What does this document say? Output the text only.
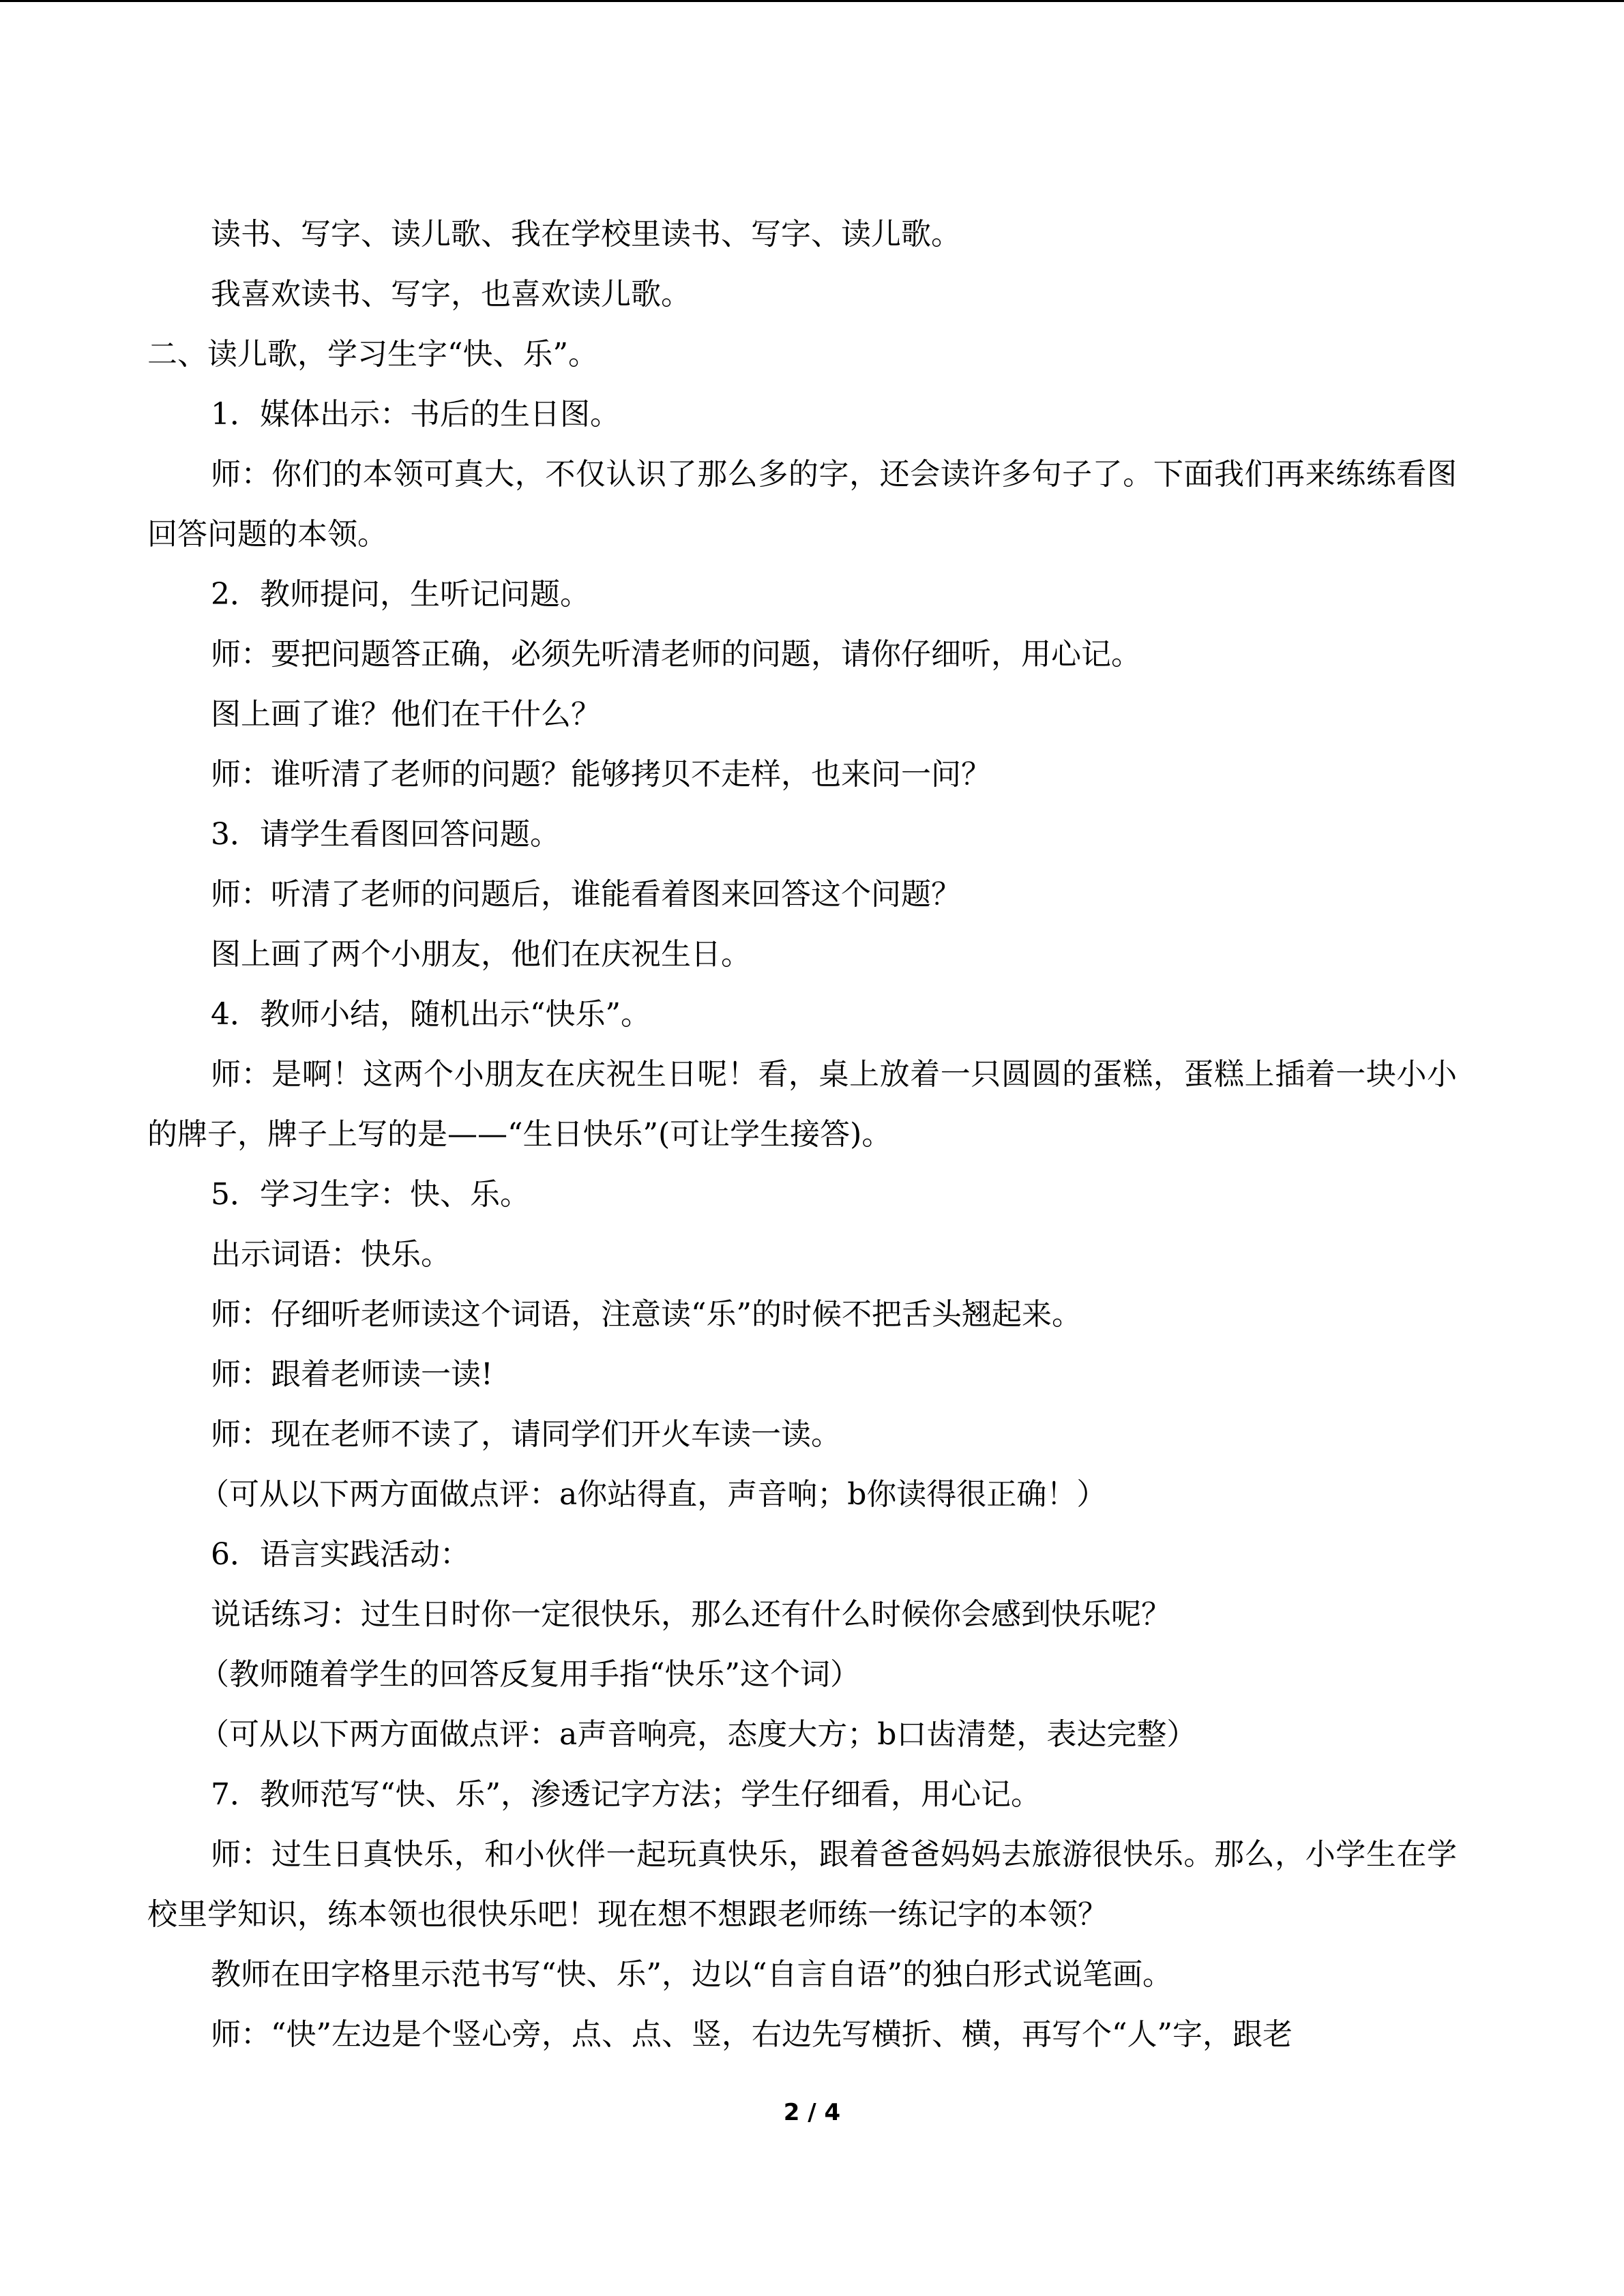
读书、写字、读儿歌、我在学校里读书、写字、读儿歌。

我喜欢读书、写字，也喜欢读儿歌。

二、读儿歌，学习生字“快、乐”。

1．媒体出示：书后的生日图。

师：你们的本领可真大，不仅认识了那么多的字，还会读许多句子了。下面我们再来练练看图回答问题的本领。

2．教师提问，生听记问题。

师：要把问题答正确，必须先听清老师的问题，请你仔细听，用心记。

图上画了谁？他们在干什么？

师：谁听清了老师的问题？能够拷贝不走样，也来问一问？

3．请学生看图回答问题。

师：听清了老师的问题后，谁能看着图来回答这个问题？

图上画了两个小朋友，他们在庆祝生日。

4．教师小结，随机出示“快乐”。

师：是啊！这两个小朋友在庆祝生日呢！看，桌上放着一只圆圆的蛋糕，蛋糕上插着一块小小的牌子，牌子上写的是——“生日快乐”(可让学生接答)。

5．学习生字：快、乐。

出示词语：快乐。

师：仔细听老师读这个词语，注意读“乐”的时候不把舌头翘起来。

师：跟着老师读一读!

师：现在老师不读了，请同学们开火车读一读。

（可从以下两方面做点评：a你站得直，声音响；b你读得很正确！）

6．语言实践活动：

说话练习：过生日时你一定很快乐，那么还有什么时候你会感到快乐呢？

（教师随着学生的回答反复用手指“快乐”这个词）

（可从以下两方面做点评：a声音响亮，态度大方；b口齿清楚，表达完整）

7．教师范写“快、乐”，渗透记字方法；学生仔细看，用心记。

师：过生日真快乐，和小伙伴一起玩真快乐，跟着爸爸妈妈去旅游很快乐。那么，小学生在学校里学知识，练本领也很快乐吧！现在想不想跟老师练一练记字的本领？

教师在田字格里示范书写“快、乐”，边以“自言自语”的独白形式说笔画。

师：“快”左边是个竖心旁，点、点、竖，右边先写横折、横，再写个“人”字，跟老

2 / 4
